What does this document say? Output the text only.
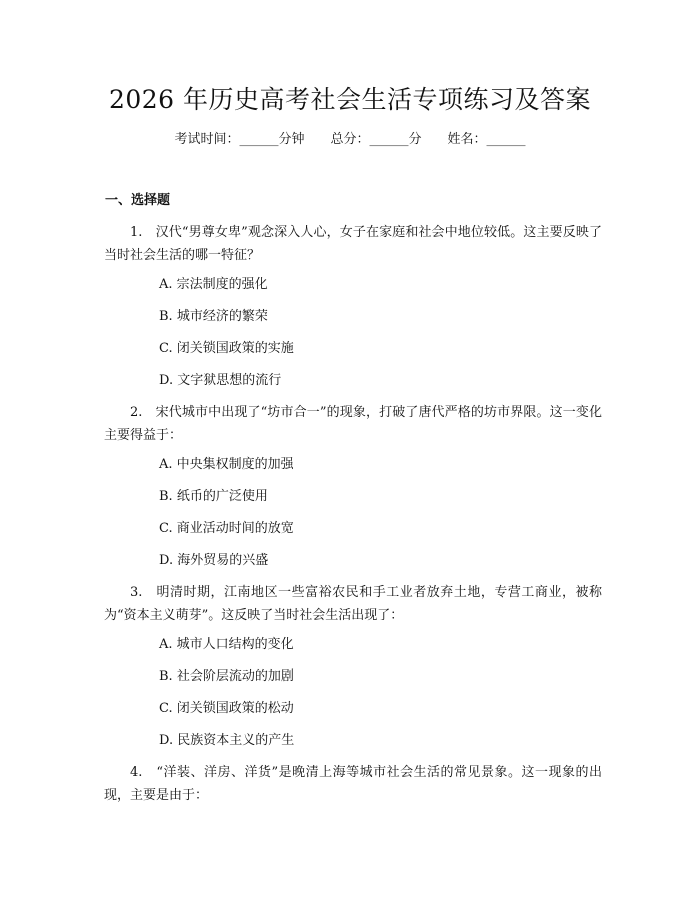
2026 年历史高考社会生活专项练习及答案
考试时间：______分钟 总分：______分 姓名：______
一、选择题
1.　汉代“男尊女卑”观念深入人心，女子在家庭和社会中地位较低。这主要反映了当时社会生活的哪一特征？
A. 宗法制度的强化
B. 城市经济的繁荣
C. 闭关锁国政策的实施
D. 文字狱思想的流行
2.　宋代城市中出现了“坊市合一”的现象，打破了唐代严格的坊市界限。这一变化主要得益于：
A. 中央集权制度的加强
B. 纸币的广泛使用
C. 商业活动时间的放宽
D. 海外贸易的兴盛
3.　明清时期，江南地区一些富裕农民和手工业者放弃土地，专营工商业，被称为“资本主义萌芽”。这反映了当时社会生活出现了：
A. 城市人口结构的变化
B. 社会阶层流动的加剧
C. 闭关锁国政策的松动
D. 民族资本主义的产生
4.　“洋装、洋房、洋货”是晚清上海等城市社会生活的常见景象。这一现象的出现，主要是由于：
